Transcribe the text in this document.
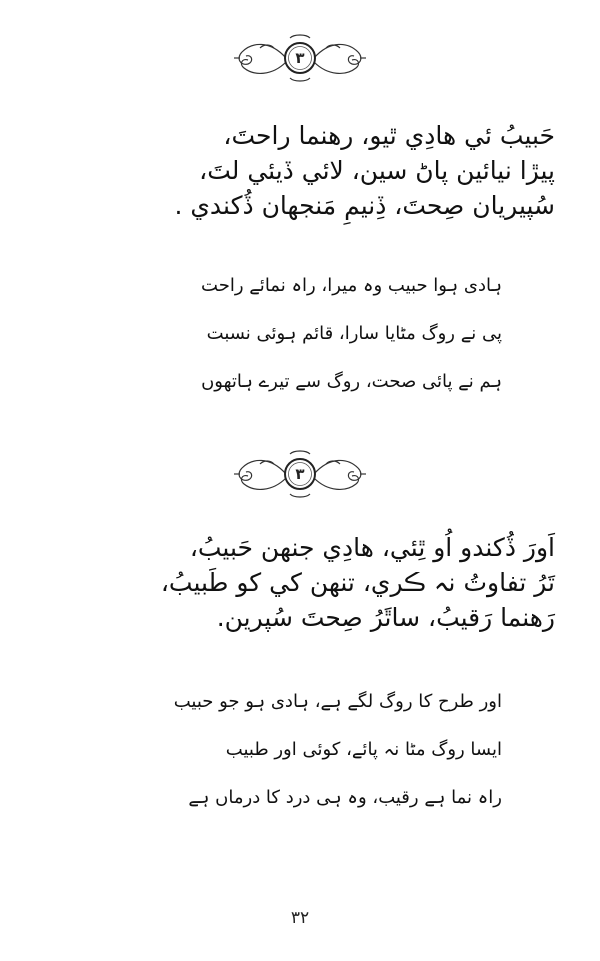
٣
حَبيبُ ئي هادِي ٿيو، رهنما راحتَ،
پيڙا نيائين پاڻ سين، لائي ڏيئي لتَ،
سُپيريان صِحتَ، ڏِنيمِ مَنجهان ڏُکندي .
ہادی ہوا حبیب وہ میرا، راہ نمائے راحت
پی نے روگ مٹایا سارا، قائم ہوئی نسبت
ہم نے پائی صحت، روگ سے تیرے ہاتھوں
٣
اَورَ ڏُکندو اُو ٿِئي، هادِي جنهن حَبيبُ،
تَرُ تفاوتُ نہ ڪري، تنهن کي کو طَبيبُ،
رَهنما رَقيبُ، ساٿَرُ صِحتَ سُپرين.
اور طرح کا روگ لگے ہے، ہادی ہو جو حبیب
ایسا روگ مٹا نہ پائے، کوئی اور طبیب
راہ نما ہے رقیب، وہ ہی درد کا درماں ہے
٣٢
